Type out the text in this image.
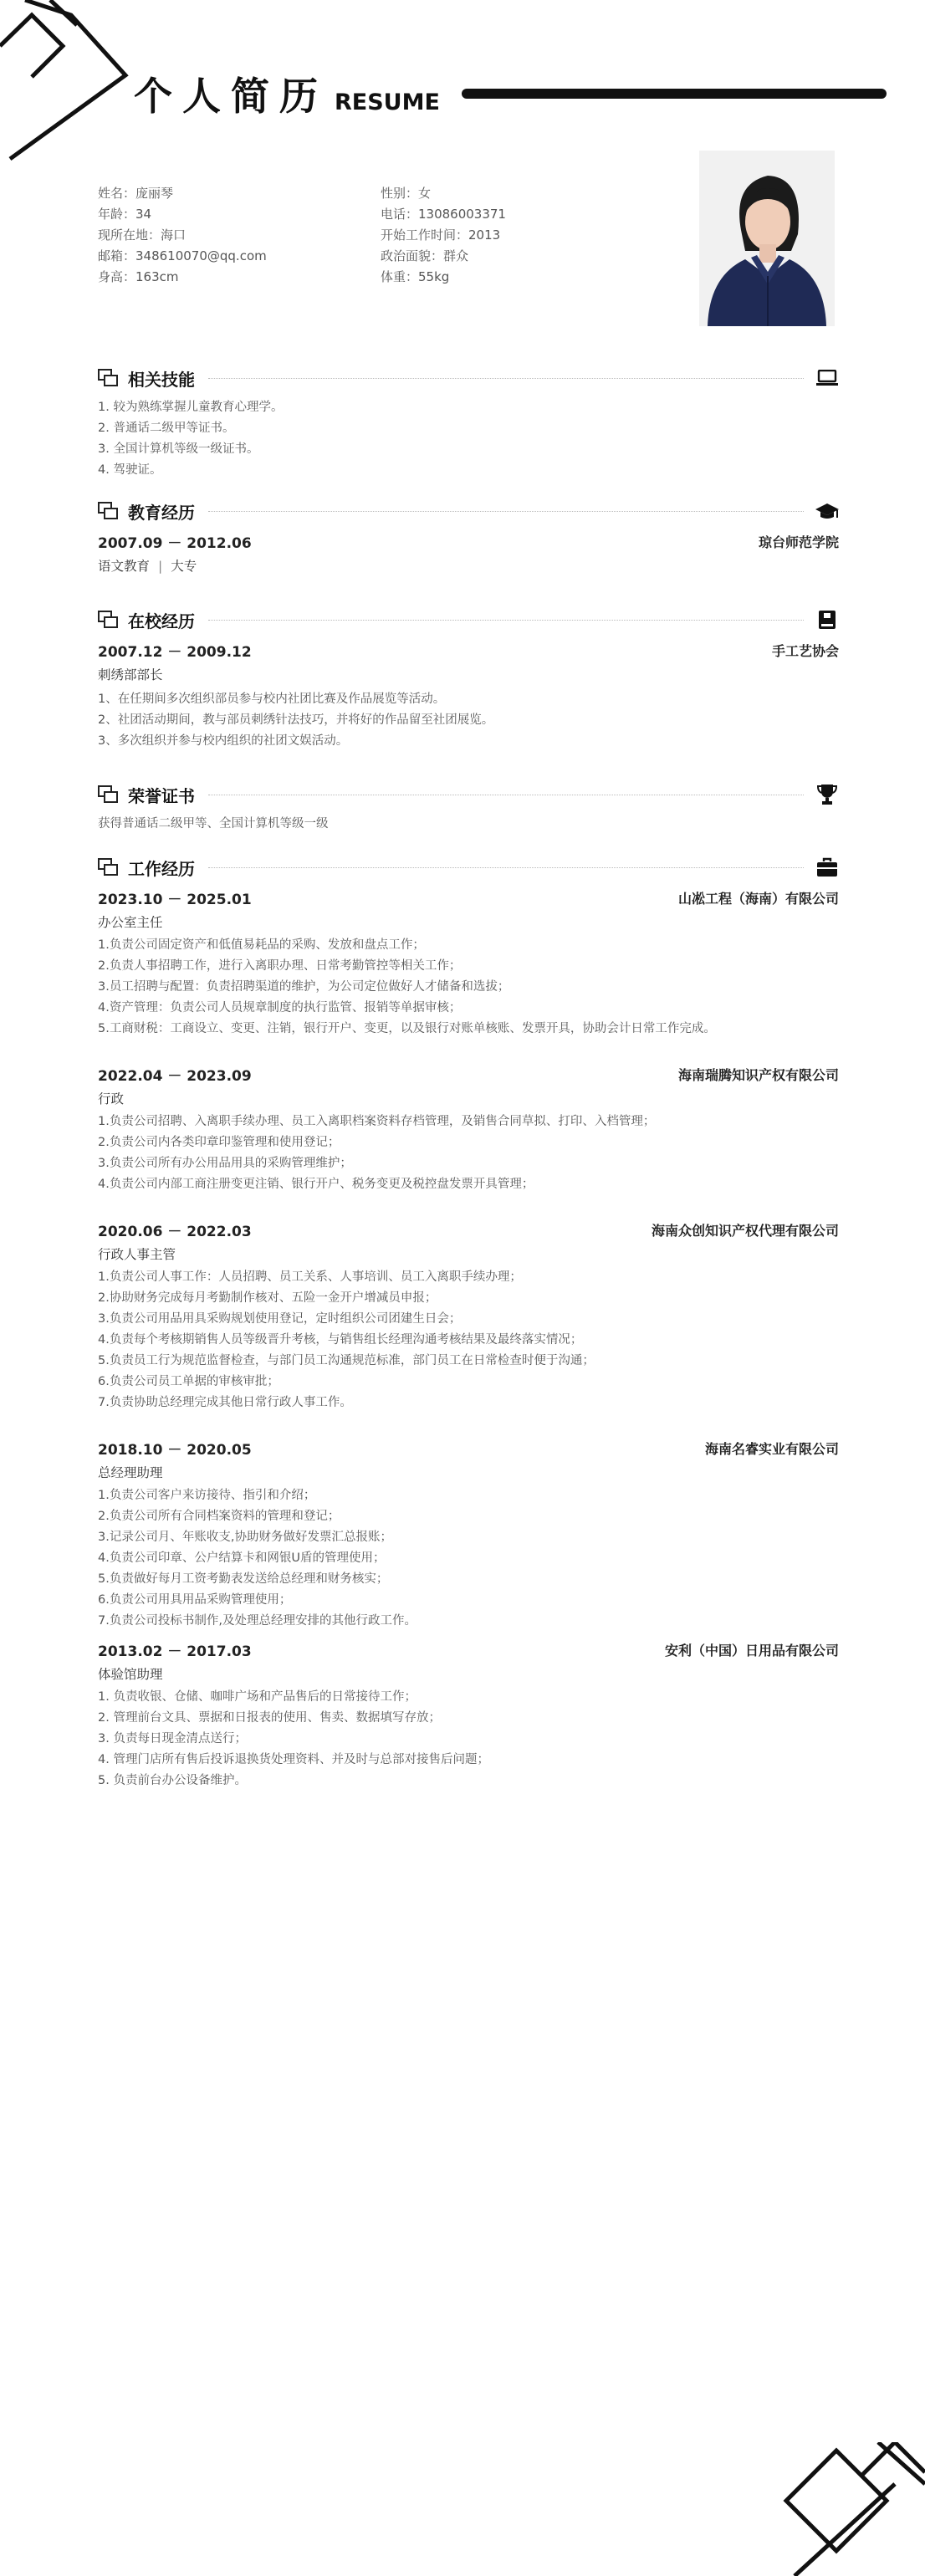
个人简历 RESUME
姓名：庞丽琴	性别：女
年龄：34	电话：13086003371
现所在地：海口	开始工作时间：2013
邮箱：348610070@qq.com	政治面貌：群众
身高：163cm	体重：55kg
相关技能
1. 较为熟练掌握儿童教育心理学。
2. 普通话二级甲等证书。
3. 全国计算机等级一级证书。
4. 驾驶证。
教育经历
2007.09 － 2012.06	琼台师范学院
语文教育 | 大专
在校经历
2007.12 － 2009.12	手工艺协会
刺绣部部长
1、在任期间多次组织部员参与校内社团比赛及作品展览等活动。
2、社团活动期间，教与部员刺绣针法技巧，并将好的作品留至社团展览。
3、多次组织并参与校内组织的社团文娱活动。
荣誉证书
获得普通话二级甲等、全国计算机等级一级
工作经历
2023.10 － 2025.01	山凇工程（海南）有限公司
办公室主任
1.负责公司固定资产和低值易耗品的采购、发放和盘点工作；
2.负责人事招聘工作，进行入离职办理、日常考勤管控等相关工作；
3.员工招聘与配置：负责招聘渠道的维护，为公司定位做好人才储备和选拔；
4.资产管理：负责公司人员规章制度的执行监管、报销等单据审核；
5.工商财税：工商设立、变更、注销，银行开户、变更，以及银行对账单核账、发票开具，协助会计日常工作完成。
2022.04 － 2023.09	海南瑞腾知识产权有限公司
行政
1.负责公司招聘、入离职手续办理、员工入离职档案资料存档管理，及销售合同草拟、打印、入档管理；
2.负责公司内各类印章印鉴管理和使用登记；
3.负责公司所有办公用品用具的采购管理维护；
4.负责公司内部工商注册变更注销、银行开户、税务变更及税控盘发票开具管理；
2020.06 － 2022.03	海南众创知识产权代理有限公司
行政人事主管
1.负责公司人事工作：人员招聘、员工关系、人事培训、员工入离职手续办理；
2.协助财务完成每月考勤制作核对、五险一金开户增减员申报；
3.负责公司用品用具采购规划使用登记，定时组织公司团建生日会；
4.负责每个考核期销售人员等级晋升考核，与销售组长经理沟通考核结果及最终落实情况；
5.负责员工行为规范监督检查，与部门员工沟通规范标准，部门员工在日常检查时便于沟通；
6.负责公司员工单据的审核审批；
7.负责协助总经理完成其他日常行政人事工作。
2018.10 － 2020.05	海南名睿实业有限公司
总经理助理
1.负责公司客户来访接待、指引和介绍；
2.负责公司所有合同档案资料的管理和登记；
3.记录公司月、年账收支,协助财务做好发票汇总报账；
4.负责公司印章、公户结算卡和网银U盾的管理使用；
5.负责做好每月工资考勤表发送给总经理和财务核实；
6.负责公司用具用品采购管理使用；
7.负责公司投标书制作,及处理总经理安排的其他行政工作。
2013.02 － 2017.03	安利（中国）日用品有限公司
体验馆助理
1. 负责收银、仓储、咖啡广场和产品售后的日常接待工作；
2. 管理前台文具、票据和日报表的使用、售卖、数据填写存放；
3. 负责每日现金清点送行；
4. 管理门店所有售后投诉退换货处理资料、并及时与总部对接售后问题；
5. 负责前台办公设备维护。
